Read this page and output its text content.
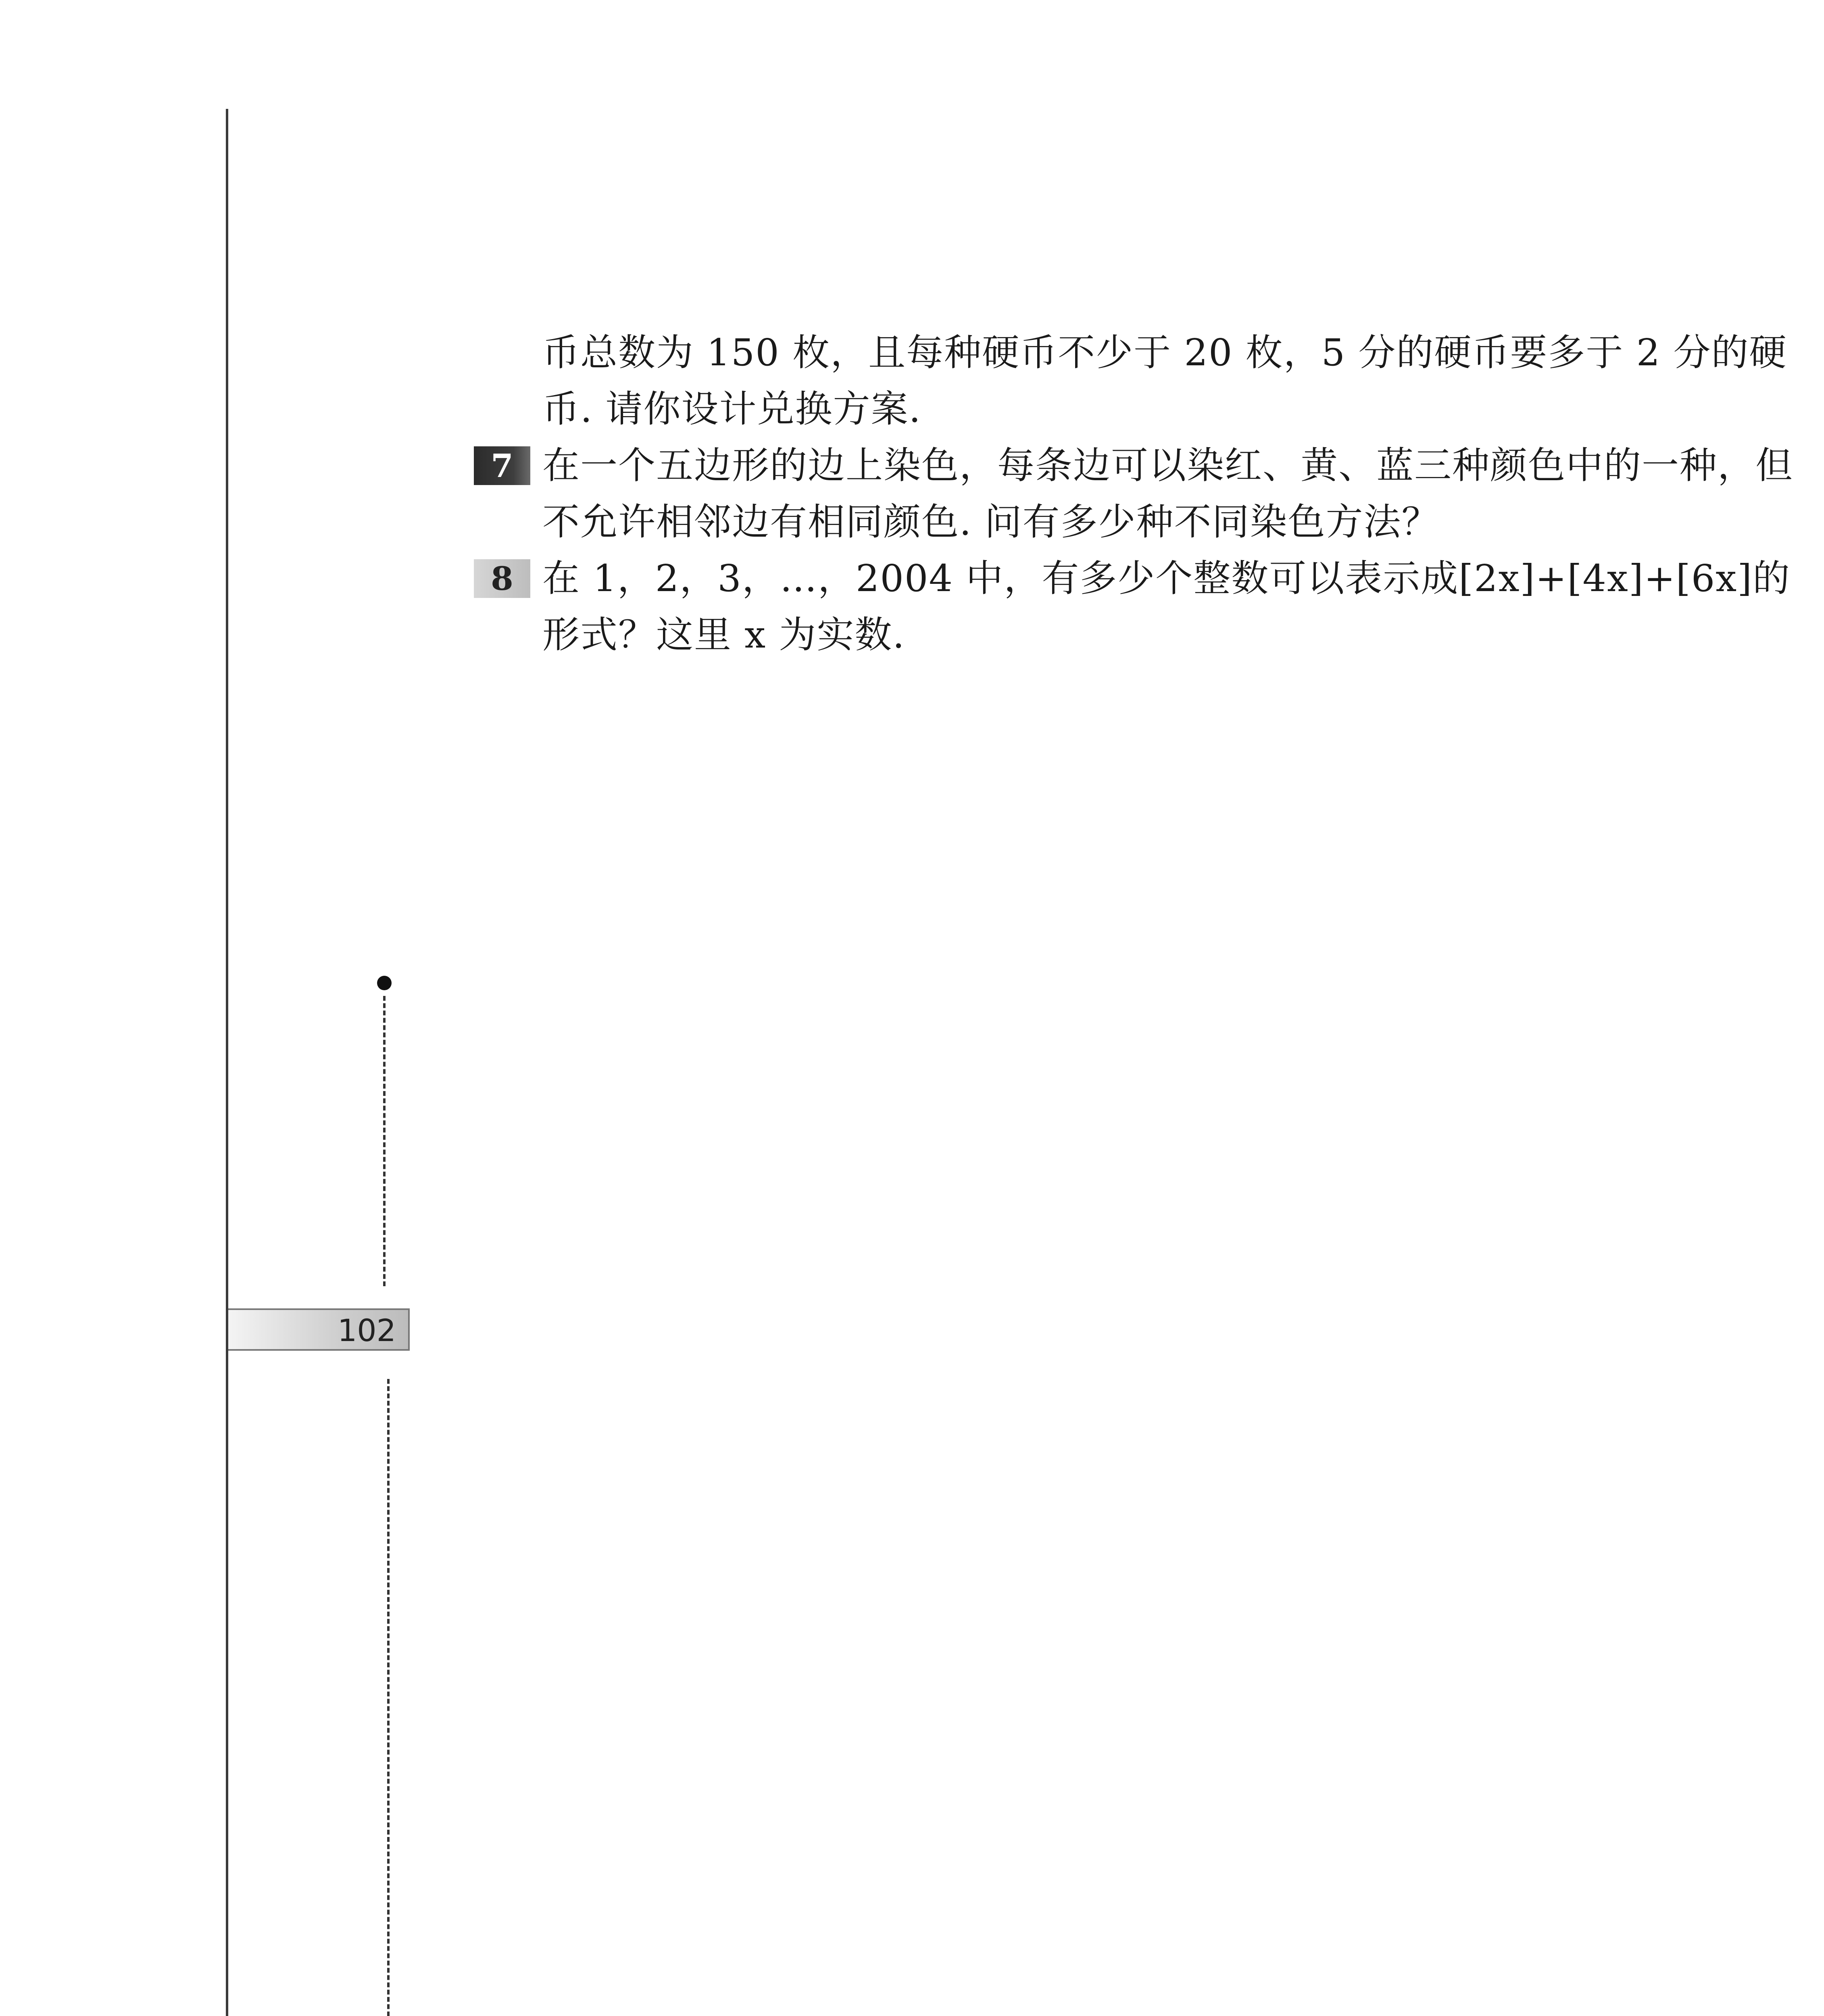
币总数为 150 枚，且每种硬币不少于 20 枚，5 分的硬币要多于 2 分的硬
币. 请你设计兑换方案.
7 在一个五边形的边上染色，每条边可以染红、黄、蓝三种颜色中的一种，但
不允许相邻边有相同颜色. 问有多少种不同染色方法？
8 在 1，2，3，…，2004 中，有多少个整数可以表示成[2x]+[4x]+[6x]的
形式？这里 x 为实数.
102
